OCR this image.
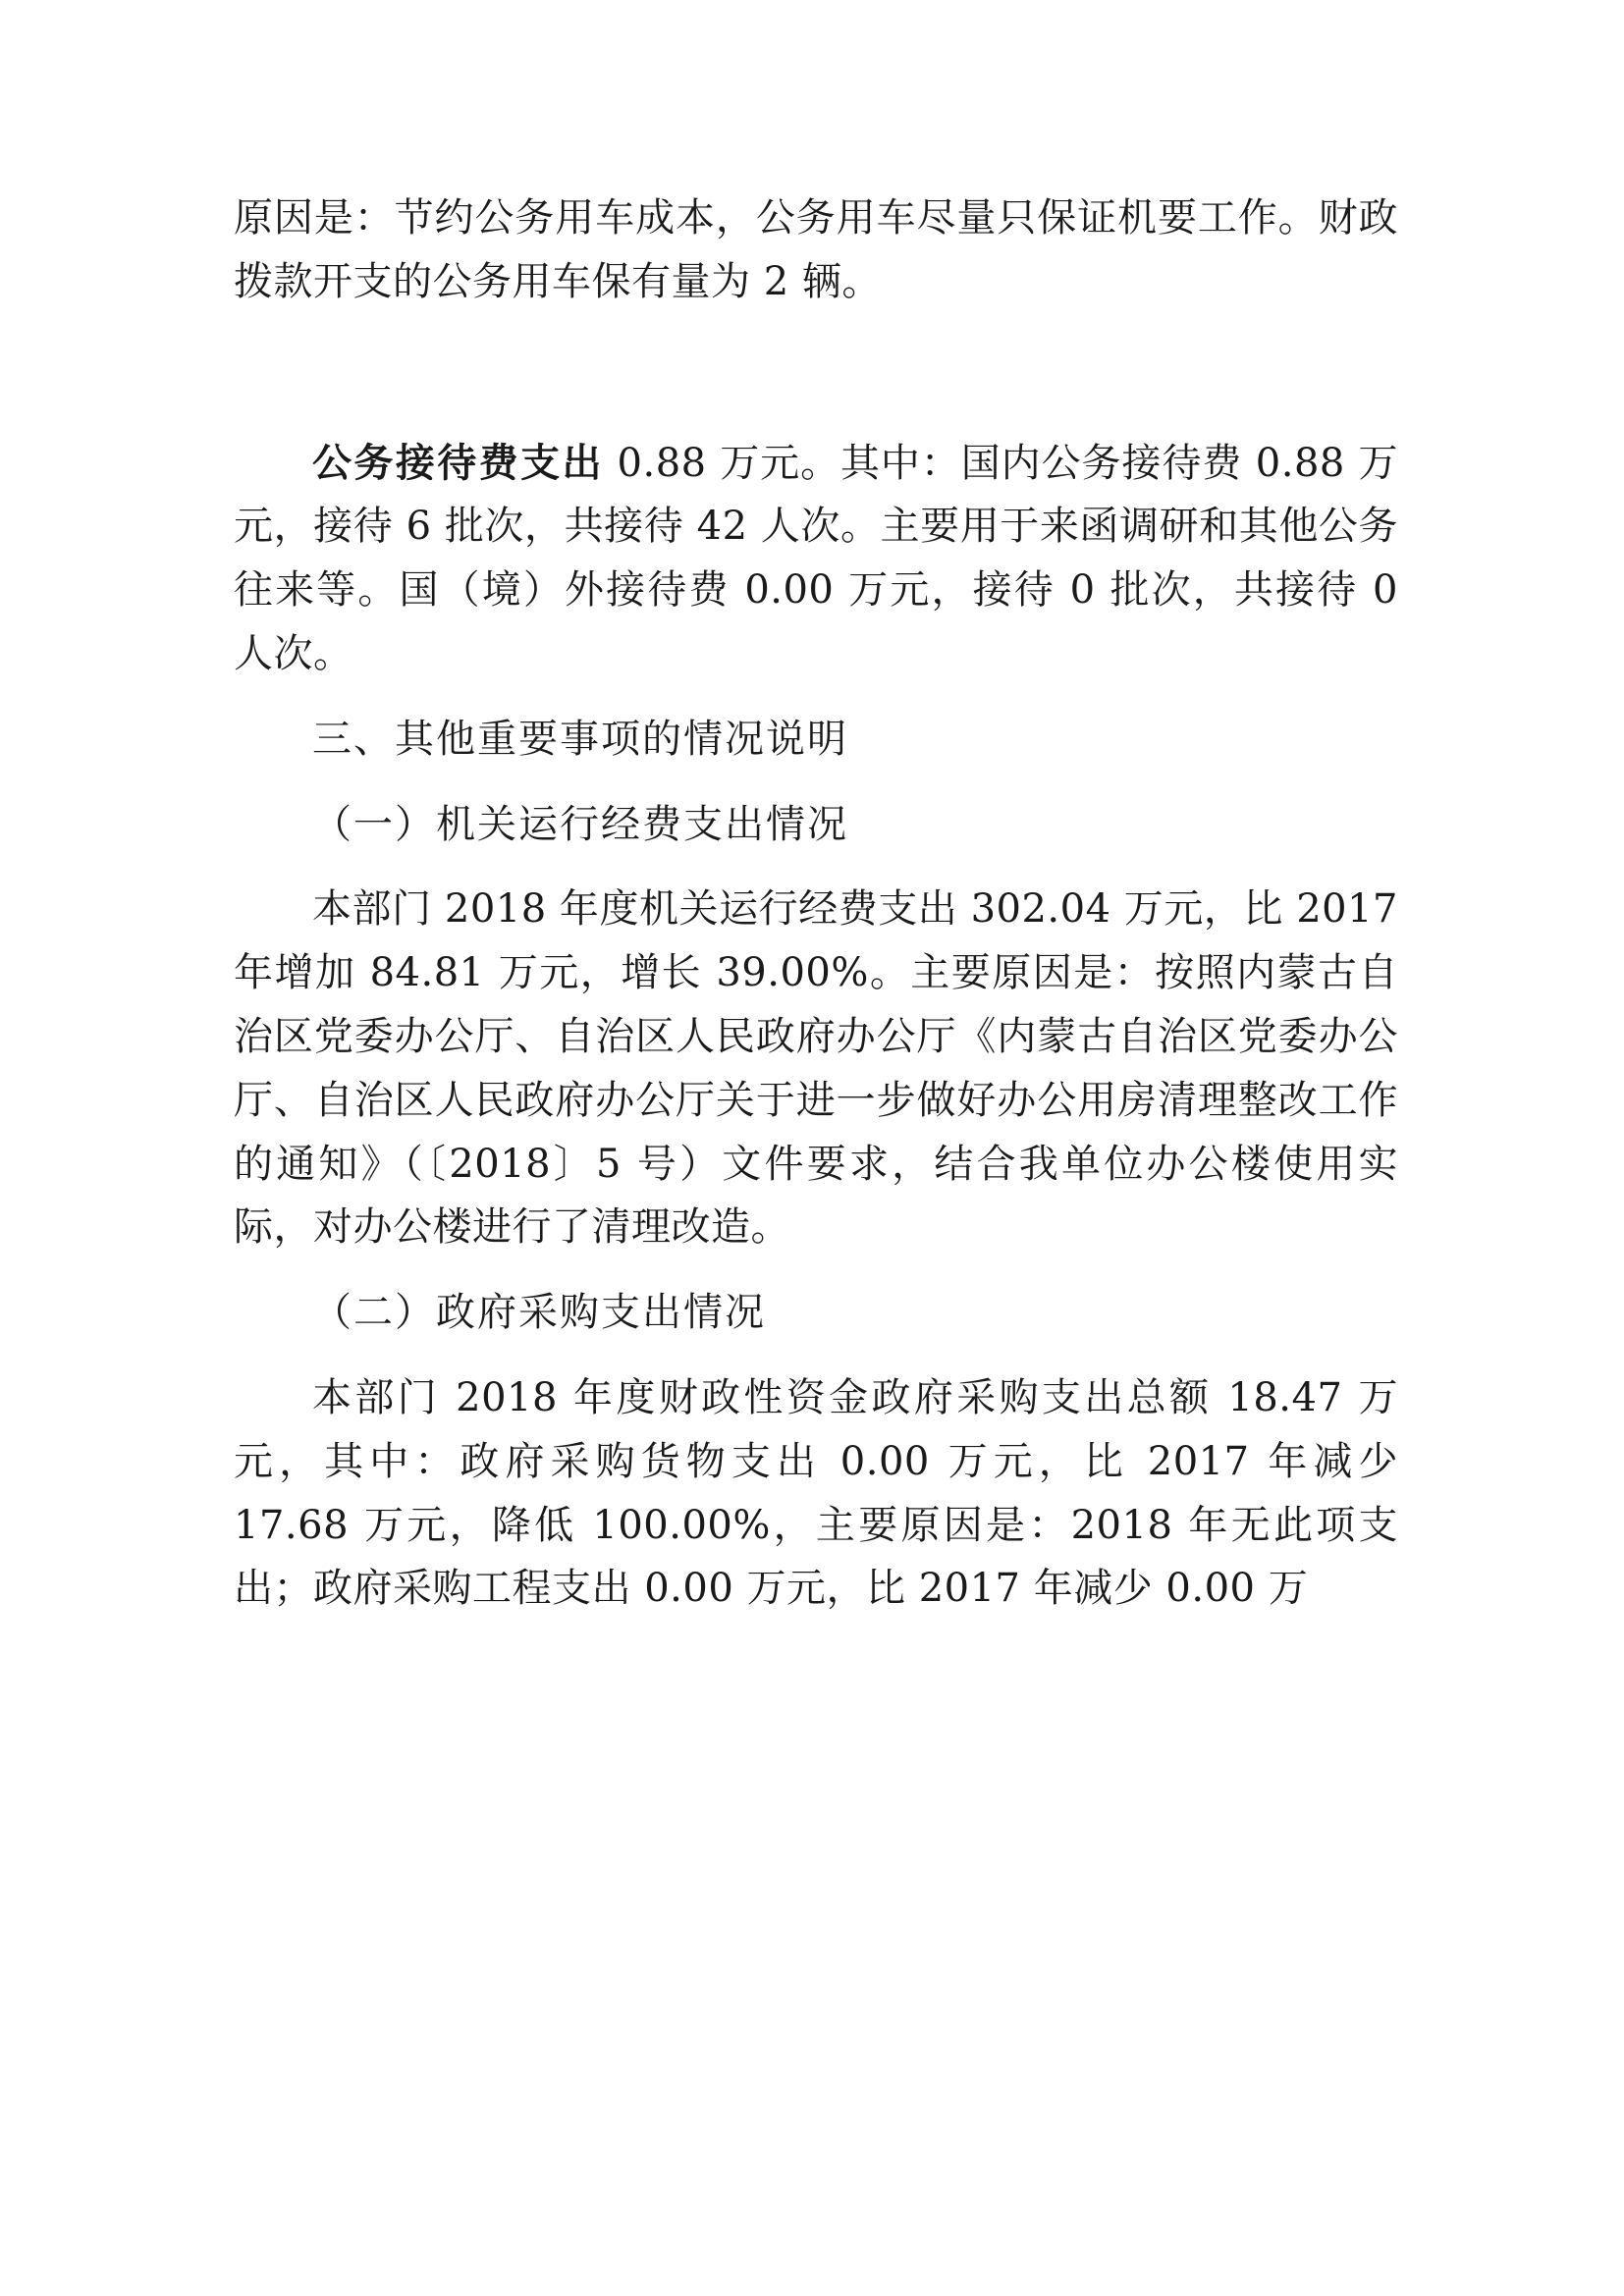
原因是：节约公务用车成本，公务用车尽量只保证机要工作。财政拨款开支的公务用车保有量为 2 辆。

公务接待费支出 0.88 万元。其中：国内公务接待费 0.88 万元，接待 6 批次，共接待 42 人次。主要用于来函调研和其他公务往来等。国（境）外接待费 0.00 万元，接待 0 批次，共接待 0 人次。

三、其他重要事项的情况说明

（一）机关运行经费支出情况

本部门 2018 年度机关运行经费支出 302.04 万元，比 2017 年增加 84.81 万元，增长 39.00%。主要原因是：按照内蒙古自治区党委办公厅、自治区人民政府办公厅《内蒙古自治区党委办公厅、自治区人民政府办公厅关于进一步做好办公用房清理整改工作的通知》（〔2018〕5 号）文件要求，结合我单位办公楼使用实际，对办公楼进行了清理改造。

（二）政府采购支出情况

本部门 2018 年度财政性资金政府采购支出总额 18.47 万元，其中：政府采购货物支出 0.00 万元，比 2017 年减少 17.68 万元，降低 100.00%，主要原因是：2018 年无此项支出；政府采购工程支出 0.00 万元，比 2017 年减少 0.00 万
